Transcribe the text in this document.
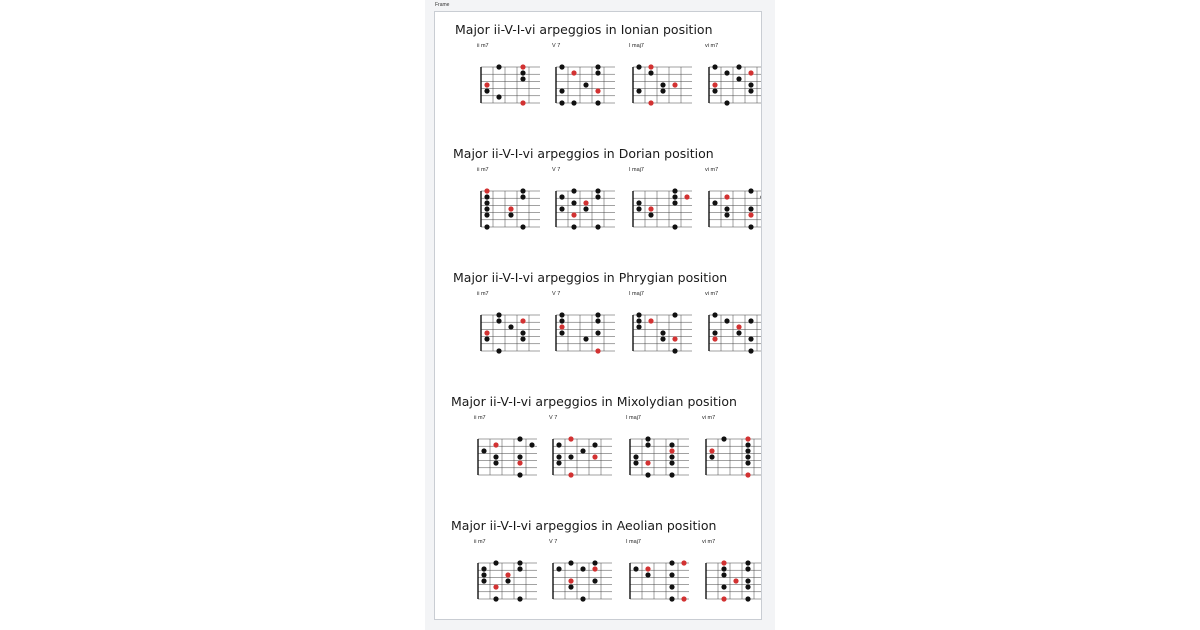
Frame
Major ii-V-I-vi arpeggios in Ionian position
ii m7	V 7	I maj7	vi m7
Major ii-V-I-vi arpeggios in Dorian position
ii m7	V 7	I maj7	vi m7
Major ii-V-I-vi arpeggios in Phrygian position
ii m7	V 7	I maj7	vi m7
Major ii-V-I-vi arpeggios in Mixolydian position
ii m7	V 7	I maj7	vi m7
Major ii-V-I-vi arpeggios in Aeolian position
ii m7	V 7	I maj7	vi m7
